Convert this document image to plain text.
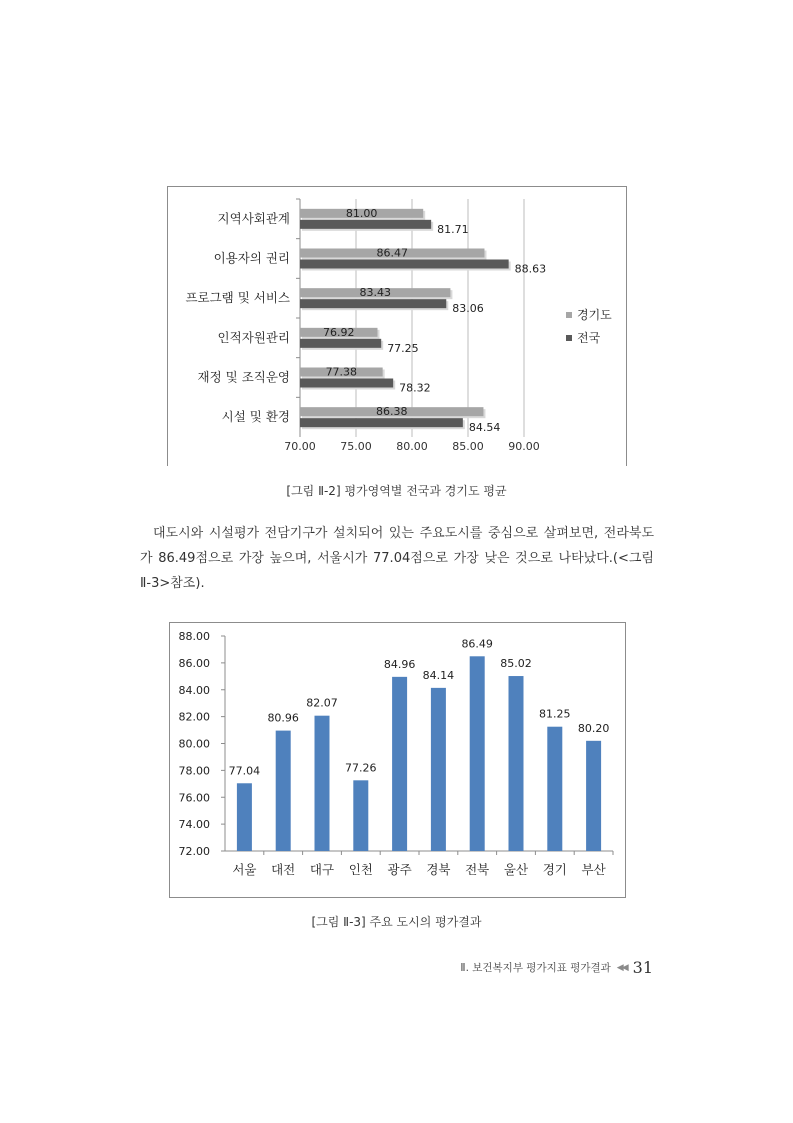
70.00 75.00 80.00 85.00 90.00
지역사회관계	81.00
81.71
이용자의 권리	86.47
88.63
프로그램 및 서비스	83.43
83.06
인적자원관리	76.92
77.25
재정 및 조직운영	77.38
78.32
시설 및 환경	86.38
84.54
경기도
전국
[그림 Ⅱ-2] 평가영역별 전국과 경기도 평균

대도시와 시설평가 전담기구가 설치되어 있는 주요도시를 중심으로 살펴보면, 전라북도가 86.49점으로 가장 높으며, 서울시가 77.04점으로 가장 낮은 것으로 나타났다.(<그림 Ⅱ-3>참조).

72.00
74.00
76.00
78.00
80.00
82.00
84.00
86.00
88.00
77.04
서울
80.96
대전
82.07
대구
77.26
인천
84.96
광주
84.14
경북
86.49
전북
85.02
울산
81.25
경기
80.20
부산
[그림 Ⅱ-3] 주요 도시의 평가결과
Ⅱ. 보건복지부 평가지표 평가결과 ◀◀ 31
